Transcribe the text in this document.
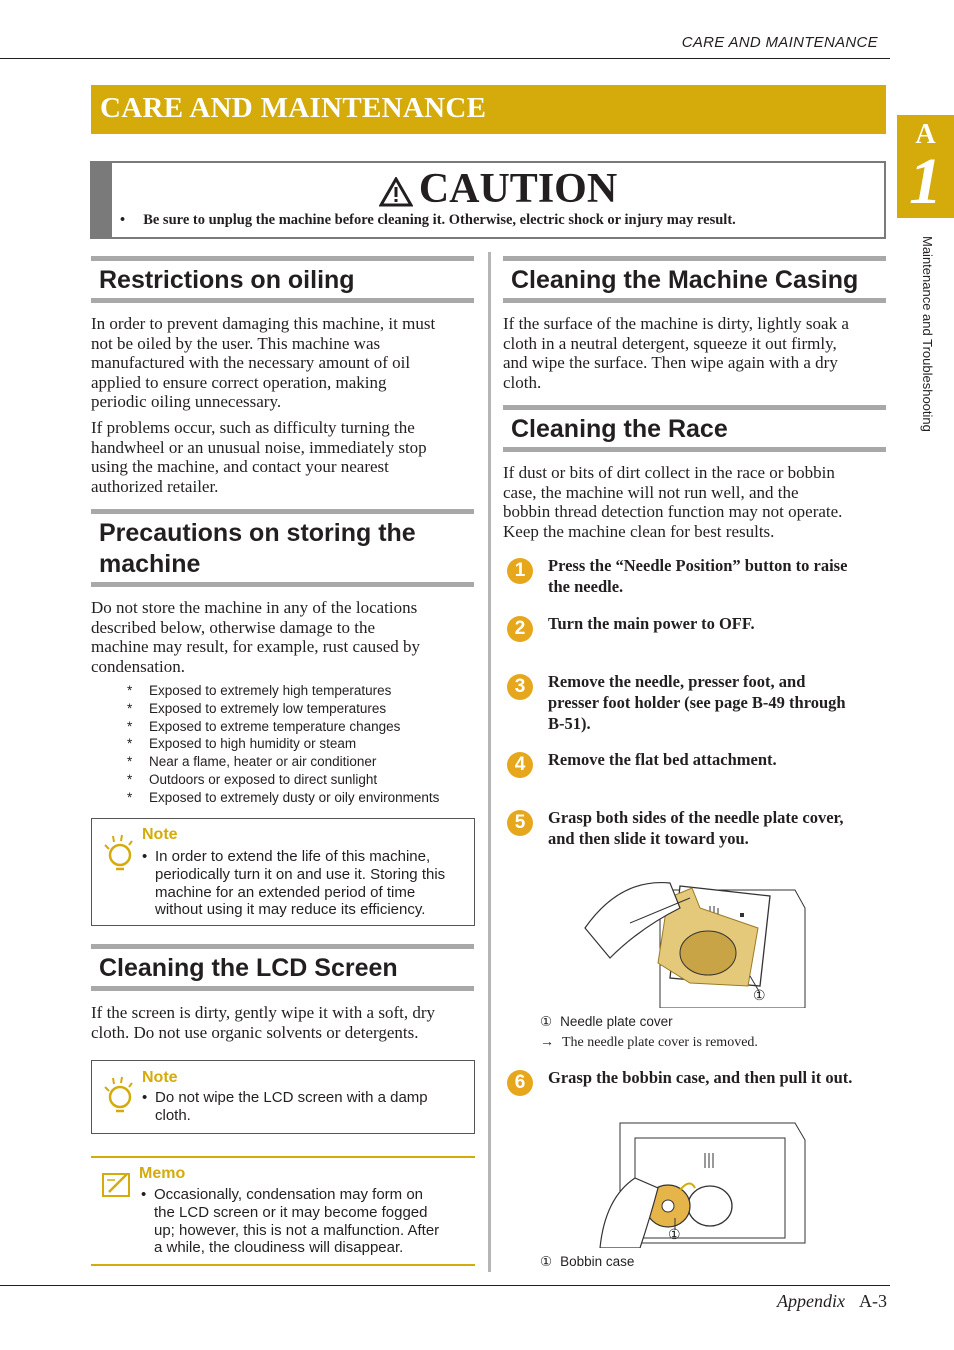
CARE AND MAINTENANCE
CARE AND MAINTENANCE
A
1
Maintenance and Troubleshooting
CAUTION
•     Be sure to unplug the machine before cleaning it. Otherwise, electric shock or injury may result.
Restrictions on oiling
In order to prevent damaging this machine, it must
not be oiled by the user. This machine was
manufactured with the necessary amount of oil
applied to ensure correct operation, making
periodic oiling unnecessary.
If problems occur, such as difficulty turning the
handwheel or an unusual noise, immediately stop
using the machine, and contact your nearest
authorized retailer.
Precautions on storing the
machine
Do not store the machine in any of the locations
described below, otherwise damage to the
machine may result, for example, rust caused by
condensation.
* Exposed to extremely high temperatures
* Exposed to extremely low temperatures
* Exposed to extreme temperature changes
* Exposed to high humidity or steam
* Near a flame, heater or air conditioner
* Outdoors or exposed to direct sunlight
* Exposed to extremely dusty or oily environments
Note
• In order to extend the life of this machine,
periodically turn it on and use it. Storing this
machine for an extended period of time
without using it may reduce its efficiency.
Cleaning the LCD Screen
If the screen is dirty, gently wipe it with a soft, dry
cloth. Do not use organic solvents or detergents.
Note
• Do not wipe the LCD screen with a damp
cloth.
Memo
• Occasionally, condensation may form on
the LCD screen or it may become fogged
up; however, this is not a malfunction. After
a while, the cloudiness will disappear.
Cleaning the Machine Casing
If the surface of the machine is dirty, lightly soak a
cloth in a neutral detergent, squeeze it out firmly,
and wipe the surface. Then wipe again with a dry
cloth.
Cleaning the Race
If dust or bits of dirt collect in the race or bobbin
case, the machine will not run well, and the
bobbin thread detection function may not operate.
Keep the machine clean for best results.
1	Press the “Needle Position” button to raise
the needle.
2	Turn the main power to OFF.
3	Remove the needle, presser foot, and
presser foot holder (see page B-49 through
B-51).
4	Remove the flat bed attachment.
5	Grasp both sides of the needle plate cover,
and then slide it toward you.
①
① Needle plate cover
→ The needle plate cover is removed.
6	Grasp the bobbin case, and then pull it out.
①
① Bobbin case
Appendix A-3
